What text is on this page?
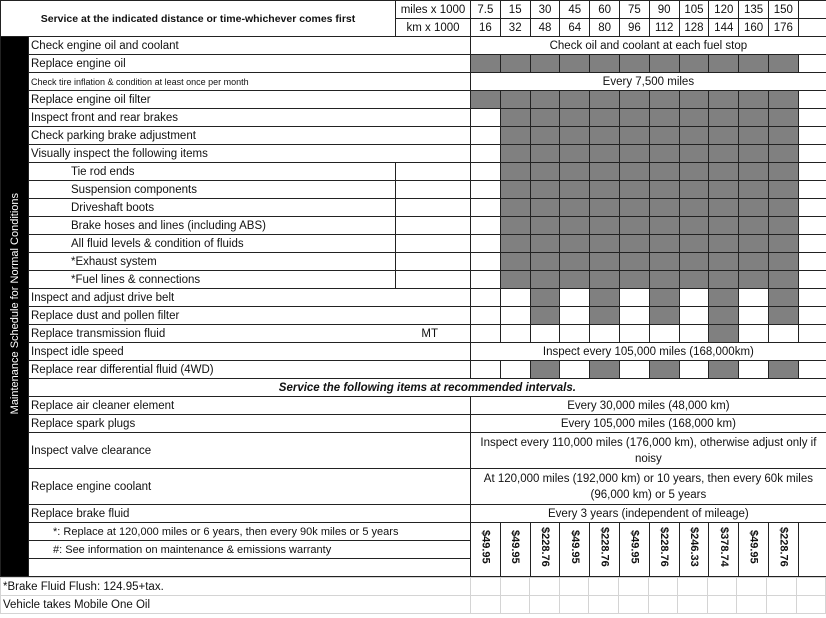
Service at the indicated distance or time-whichever comes first		miles x 1000	7.5	15	30	45	60	75	90	105	120	135	150	
		km x 1000	16	32	48	64	80	96	112	128	144	160	176	
Maintenance Schedule for Normal Conditions	Check engine oil and coolant		Check oil and coolant at each fuel stop											
	Replace engine oil													
	Check tire inflation & condition at least once per month		Every 7,500 miles											
	Replace engine oil filter													
	Inspect front and rear brakes													
	Check parking brake adjustment													
	Visually inspect the following items													
	Tie rod ends													
	Suspension components													
	Driveshaft boots													
	Brake hoses and lines (including ABS)													
	All fluid levels & condition of fluids													
	*Exhaust system													
	*Fuel lines & connections													
	Inspect and adjust drive belt													
	Replace dust and pollen filter													
	Replace transmission fluid MT													

	Inspect idle speed		Inspect every 105,000 miles (168,000km)											
	Replace rear differential fluid (4WD)													
	Service the following items at recommended intervals.													
	Replace air cleaner element		Every 30,000 miles (48,000 km)											
	Replace spark plugs		Every 105,000 miles (168,000 km)											
	Inspect valve clearance		Inspect every 110,000 miles (176,000 km), otherwise adjust only if noisy											
	Replace engine coolant		At 120,000 miles (192,000 km) or 10 years, then every 60k miles (96,000 km) or 5 years											
	Replace brake fluid		Every 3 years (independent of mileage)											
	*: Replace at 120,000 miles or 6 years, then every 90k miles or 5 years		$49.95	$49.95	$228.76	$49.95	$228.76	$49.95	$228.76	$246.33	$378.74	$49.95	$228.76	
	#: See information on maintenance & emissions warranty													

*Brake Fluid Flush: 124.95+tax.												
Vehicle takes Mobile One Oil												
